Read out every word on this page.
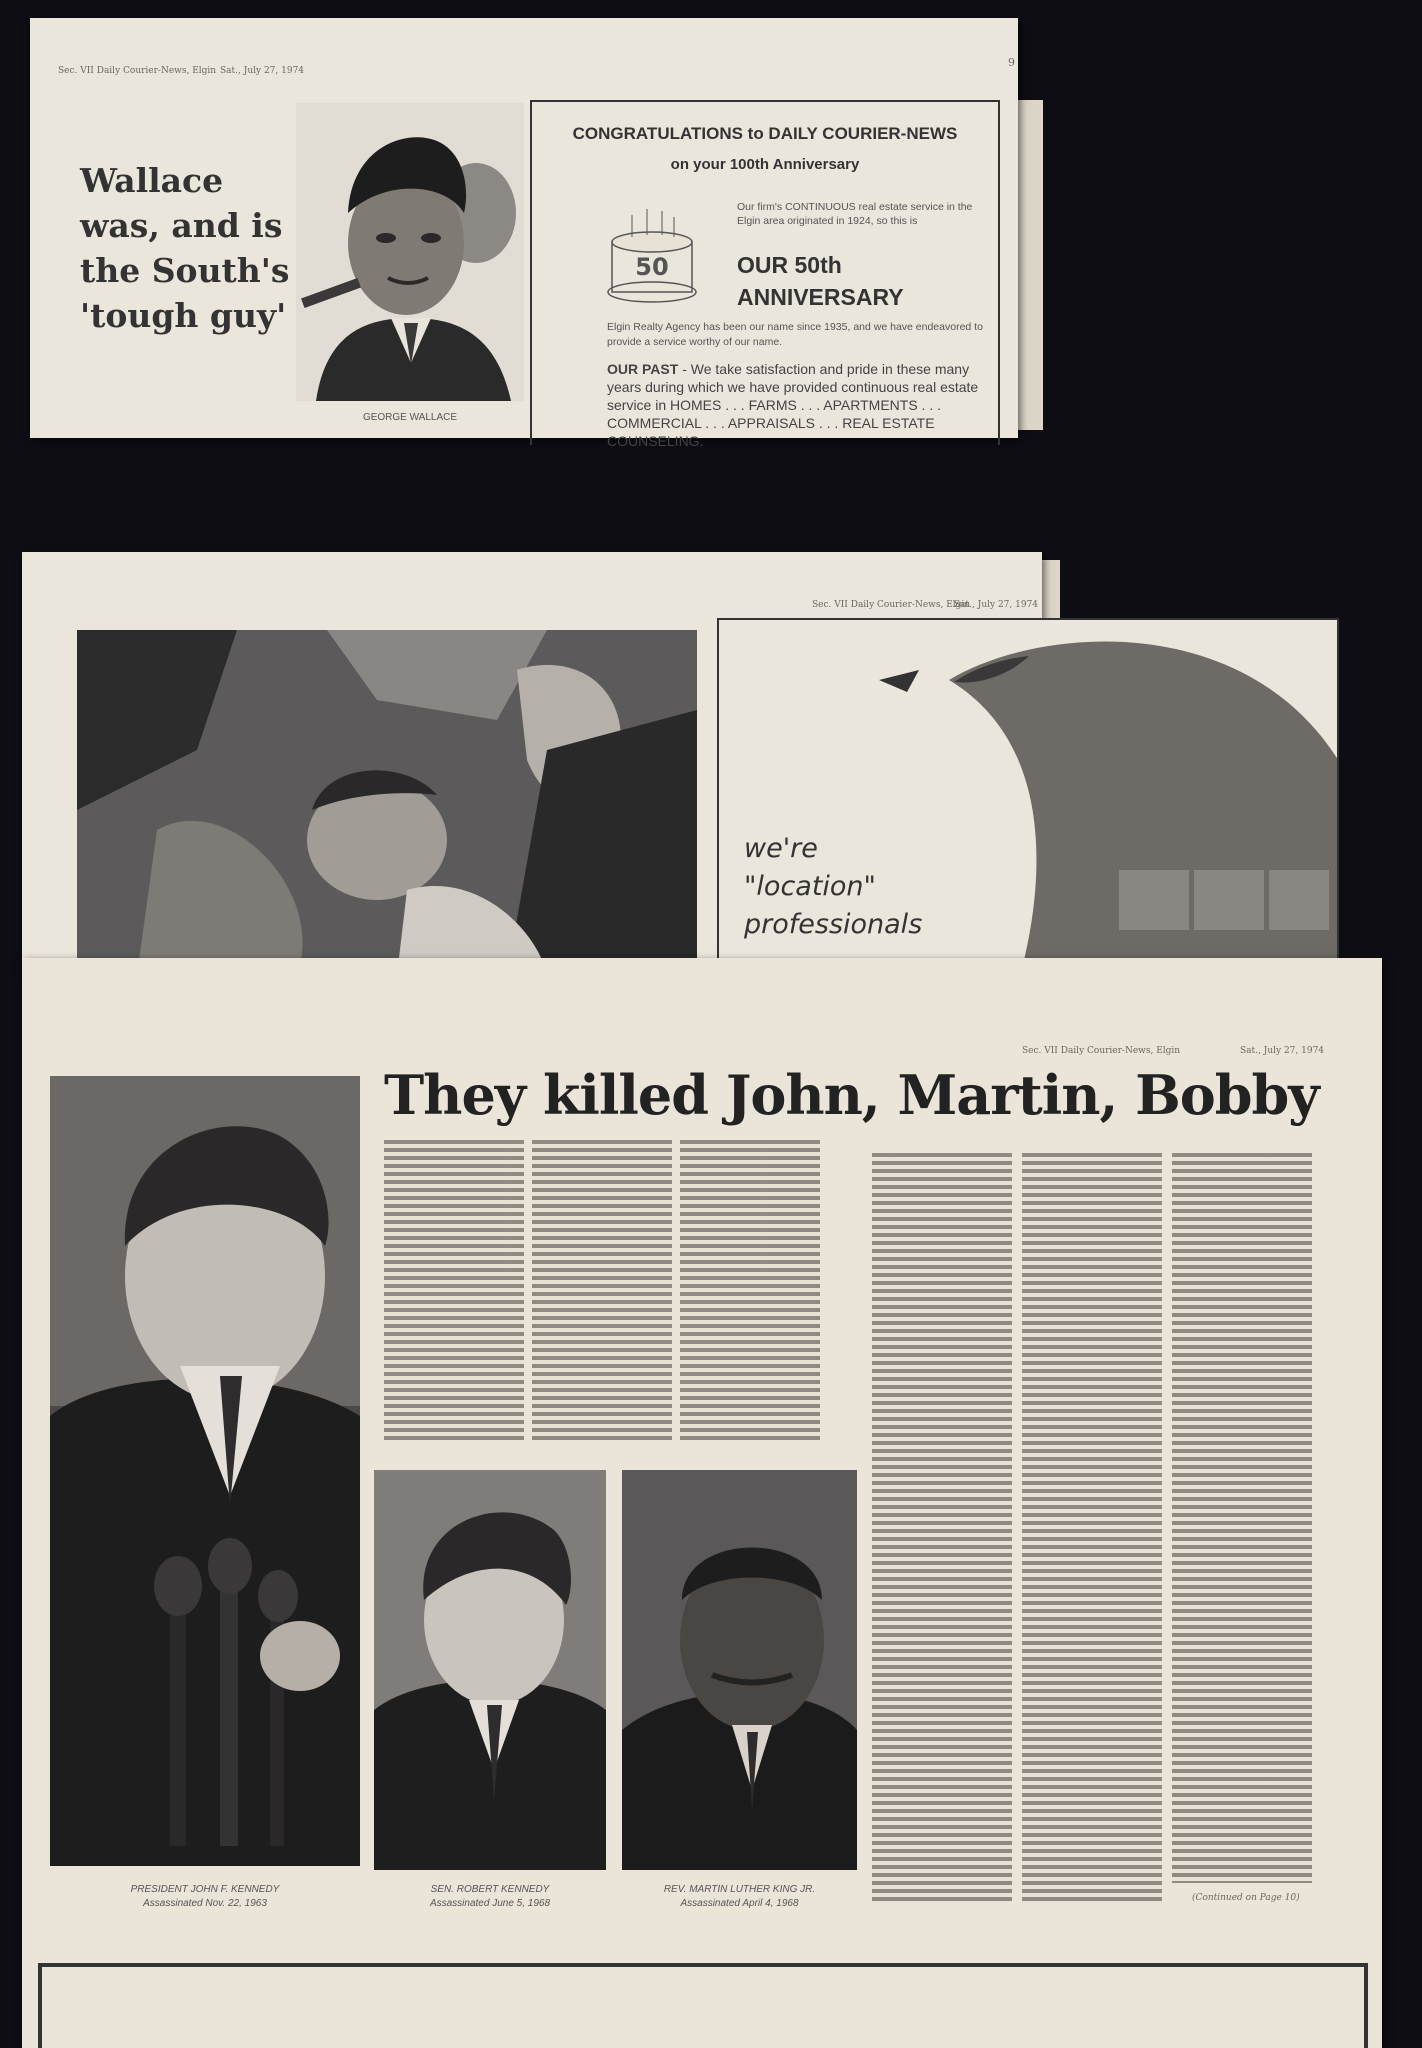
Sec. VII Daily Courier-News, Elgin Sat., July 27, 1974
9
Wallace
was, and is
the South's
'tough guy'
GEORGE WALLACE
CONGRATULATIONS to DAILY COURIER-NEWS
on your 100th Anniversary
50
Our firm's CONTINUOUS real estate service in the Elgin area originated in 1924, so this is
OUR 50th
ANNIVERSARY
Elgin Realty Agency has been our name since 1935, and we have endeavored to provide a service worthy of our name.
OUR PAST - We take satisfaction and pride in these many years during which we have provided continuous real estate service in HOMES . . . FARMS . . . APARTMENTS . . . COMMERCIAL . . . APPRAISALS . . . REAL ESTATE COUNSELING.
Sec. VII Daily Courier-News, Elgin
Sat., July 27, 1974
we're
"location"
professionals
Sec. VII Daily Courier-News, Elgin	Sat., July 27, 1974
They killed John, Martin, Bobby
PRESIDENT JOHN F. KENNEDY
Assassinated Nov. 22, 1963	(Continued on Page 10)
SEN. ROBERT KENNEDY
Assassinated June 5, 1968
REV. MARTIN LUTHER KING JR.
Assassinated April 4, 1968
